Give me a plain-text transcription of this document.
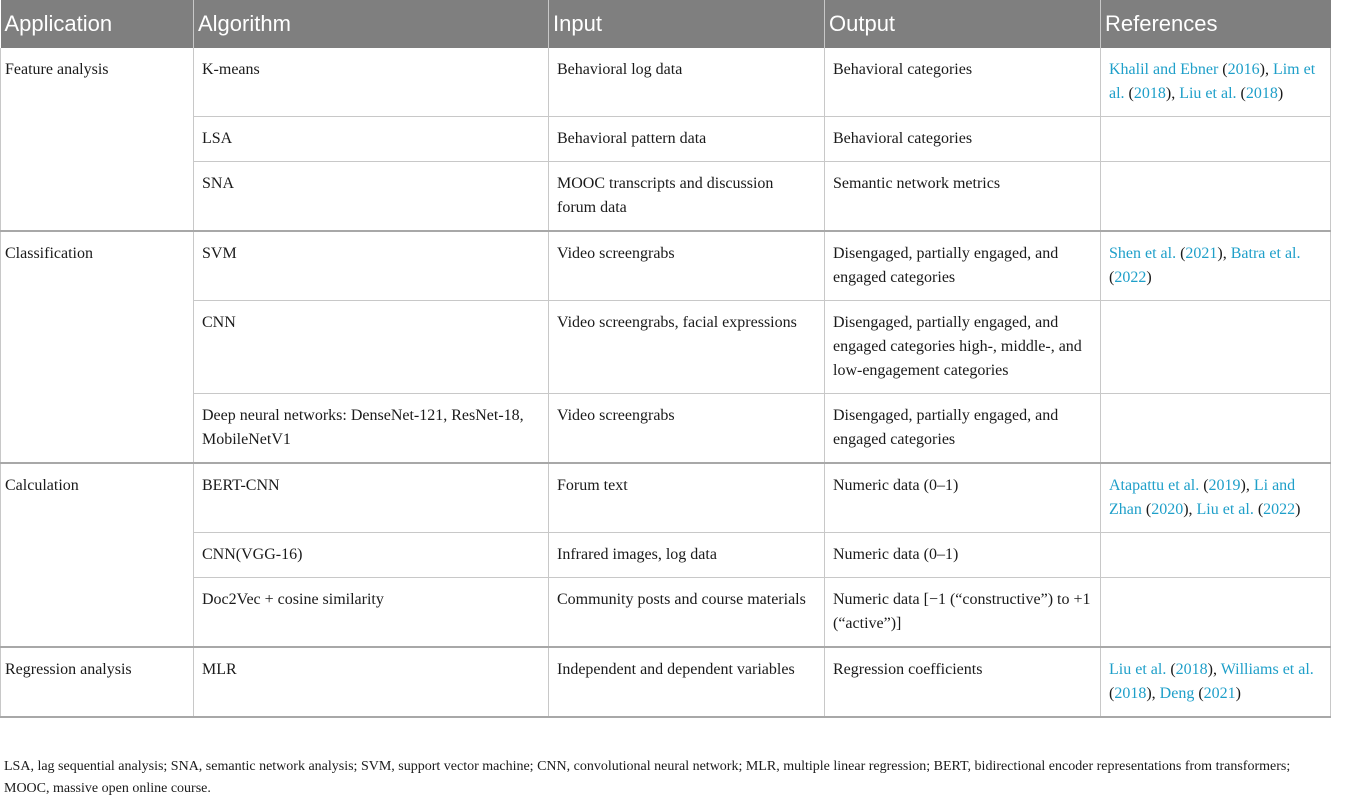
Application	Algorithm	Input	Output	References
Feature analysis	K-means	Behavioral log data	Behavioral categories	Khalil and Ebner (2016), Lim et al. (2018), Liu et al. (2018)
	LSA	Behavioral pattern data	Behavioral categories	
	SNA	MOOC transcripts and discussion forum data	Semantic network metrics	
Classification	SVM	Video screengrabs	Disengaged, partially engaged, and engaged categories	Shen et al. (2021), Batra et al. (2022)
	CNN	Video screengrabs, facial expressions	Disengaged, partially engaged, and engaged categories high-, middle-, and low-engagement categories	
	Deep neural networks: DenseNet-121, ResNet-18, MobileNetV1	Video screengrabs	Disengaged, partially engaged, and engaged categories	
Calculation	BERT-CNN	Forum text	Numeric data (0–1)	Atapattu et al. (2019), Li and Zhan (2020), Liu et al. (2022)
	CNN(VGG-16)	Infrared images, log data	Numeric data (0–1)	
	Doc2Vec + cosine similarity	Community posts and course materials	Numeric data [−1 (“constructive”) to +1 (“active”)]	
Regression analysis	MLR	Independent and dependent variables	Regression coefficients	Liu et al. (2018), Williams et al. (2018), Deng (2021)
LSA, lag sequential analysis; SNA, semantic network analysis; SVM, support vector machine; CNN, convolutional neural network; MLR, multiple linear regression; BERT, bidirectional encoder representations from transformers; MOOC, massive open online course.
